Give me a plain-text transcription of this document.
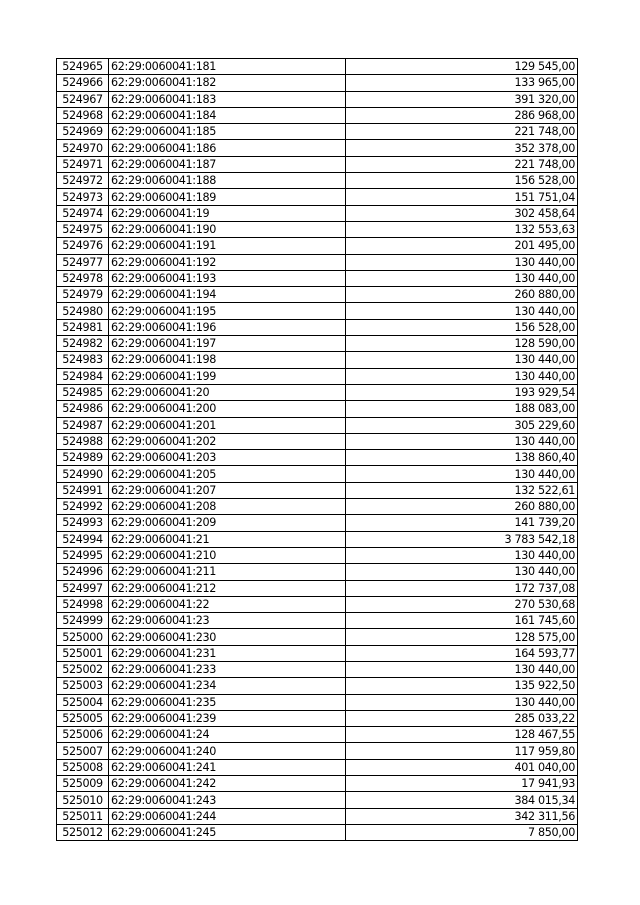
524965	62:29:0060041:181	129 545,00
524966	62:29:0060041:182	133 965,00
524967	62:29:0060041:183	391 320,00
524968	62:29:0060041:184	286 968,00
524969	62:29:0060041:185	221 748,00
524970	62:29:0060041:186	352 378,00
524971	62:29:0060041:187	221 748,00
524972	62:29:0060041:188	156 528,00
524973	62:29:0060041:189	151 751,04
524974	62:29:0060041:19	302 458,64
524975	62:29:0060041:190	132 553,63
524976	62:29:0060041:191	201 495,00
524977	62:29:0060041:192	130 440,00
524978	62:29:0060041:193	130 440,00
524979	62:29:0060041:194	260 880,00
524980	62:29:0060041:195	130 440,00
524981	62:29:0060041:196	156 528,00
524982	62:29:0060041:197	128 590,00
524983	62:29:0060041:198	130 440,00
524984	62:29:0060041:199	130 440,00
524985	62:29:0060041:20	193 929,54
524986	62:29:0060041:200	188 083,00
524987	62:29:0060041:201	305 229,60
524988	62:29:0060041:202	130 440,00
524989	62:29:0060041:203	138 860,40
524990	62:29:0060041:205	130 440,00
524991	62:29:0060041:207	132 522,61
524992	62:29:0060041:208	260 880,00
524993	62:29:0060041:209	141 739,20
524994	62:29:0060041:21	3 783 542,18
524995	62:29:0060041:210	130 440,00
524996	62:29:0060041:211	130 440,00
524997	62:29:0060041:212	172 737,08
524998	62:29:0060041:22	270 530,68
524999	62:29:0060041:23	161 745,60
525000	62:29:0060041:230	128 575,00
525001	62:29:0060041:231	164 593,77
525002	62:29:0060041:233	130 440,00
525003	62:29:0060041:234	135 922,50
525004	62:29:0060041:235	130 440,00
525005	62:29:0060041:239	285 033,22
525006	62:29:0060041:24	128 467,55
525007	62:29:0060041:240	117 959,80
525008	62:29:0060041:241	401 040,00
525009	62:29:0060041:242	17 941,93
525010	62:29:0060041:243	384 015,34
525011	62:29:0060041:244	342 311,56
525012	62:29:0060041:245	7 850,00
